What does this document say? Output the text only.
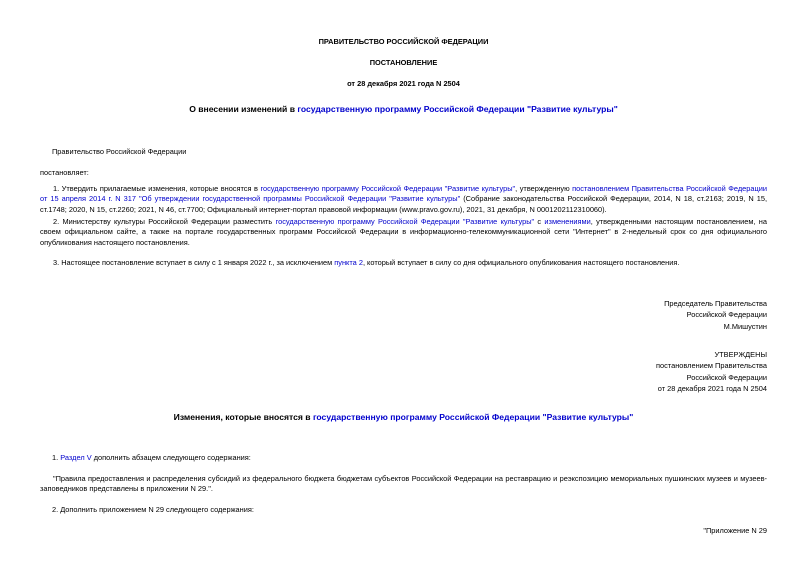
ПРАВИТЕЛЬСТВО РОССИЙСКОЙ ФЕДЕРАЦИИ
ПОСТАНОВЛЕНИЕ
от 28 декабря 2021 года N 2504
О внесении изменений в государственную программу Российской Федерации "Развитие культуры"
Правительство Российской Федерации
постановляет:
1. Утвердить прилагаемые изменения, которые вносятся в государственную программу Российской Федерации "Развитие культуры", утвержденную постановлением Правительства Российской Федерации от 15 апреля 2014 г. N 317 "Об утверждении государственной программы Российской Федерации "Развитие культуры" (Собрание законодательства Российской Федерации, 2014, N 18, ст.2163; 2019, N 15, ст.1748; 2020, N 15, ст.2260; 2021, N 46, ст.7700; Официальный интернет-портал правовой информации (www.pravo.gov.ru), 2021, 31 декабря, N 0001202112310060).
2. Министерству культуры Российской Федерации разместить государственную программу Российской Федерации "Развитие культуры" с изменениями, утвержденными настоящим постановлением, на своем официальном сайте, а также на портале государственных программ Российской Федерации в информационно-телекоммуникационной сети "Интернет" в 2-недельный срок со дня официального опубликования настоящего постановления.
3. Настоящее постановление вступает в силу с 1 января 2022 г., за исключением пункта 2, который вступает в силу со дня официального опубликования настоящего постановления.
Председатель Правительства
Российской Федерации
М.Мишустин
УТВЕРЖДЕНЫ
постановлением Правительства
Российской Федерации
от 28 декабря 2021 года N 2504
Изменения, которые вносятся в государственную программу Российской Федерации "Развитие культуры"
1. Раздел V дополнить абзацем следующего содержания:
"Правила предоставления и распределения субсидий из федерального бюджета бюджетам субъектов Российской Федерации на реставрацию и реэкспозицию мемориальных пушкинских музеев и музеев-заповедников представлены в приложении N 29.".
2. Дополнить приложением N 29 следующего содержания:
"Приложение N 29
